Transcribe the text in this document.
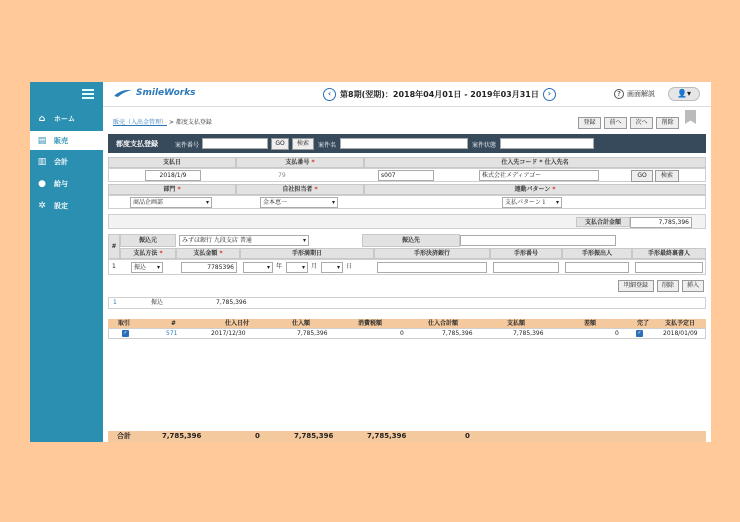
⌂ ホーム
▤ 販売
▥ 会計
● 給与
✲ 設定
SmileWorks	‹	第8期(翌期)：2018年04月01日 - 2019年03月31日	›	? 画面解説	👤▾
販売（入出金管理） > 都度支払登録	登録	前へ	次へ	削除
都度支払登録	案件番号	GO	検索	案件名	案件状態
支払日	支払番号 *	仕入先コード * 仕入先名
2018/1/9	79	s007	株式会社メディアゴー	GO	検索
部門 *	自社担当者 *	連動パターン *
商品企画部 ▾	金本恵一 ▾	支払パターン１ ▾
支払合計金額	7,785,396
#
振込元	みずほ銀行 九段支店 普通 ▾	振込先
支払方法 *	支払金額 *	手形満期日	手形決済銀行	手形番号	手形振出人	手形最終裏書人
1	振込 ▾	7785396 ▾	年 ▾	月 ▾	日
明細登録	削除	挿入
1	振込	7,785,396
取引	#	仕入日付	仕入額	消費税額	仕入合計額	支払額	差額	完了	支払予定日
✓	571	2017/12/30	7,785,396	0	7,785,396	7,785,396	0	✓	2018/01/09
合計	7,785,396	0	7,785,396	7,785,396	0
